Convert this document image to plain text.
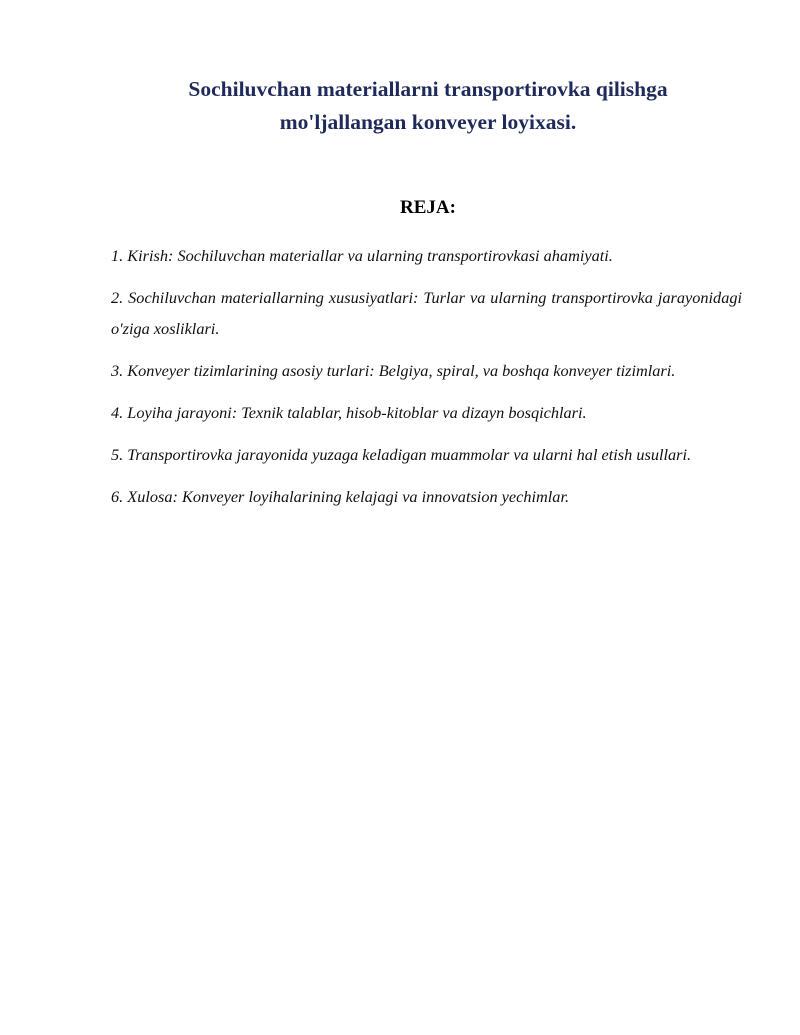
Sochiluvchan materiallarni transportirovka qilishga
mo'ljallangan konveyer loyixasi.
REJA:
1. Kirish: Sochiluvchan materiallar va ularning transportirovkasi ahamiyati.
2. Sochiluvchan materiallarning xususiyatlari: Turlar va ularning transportirovka jarayonidagi o'ziga xosliklari.
3. Konveyer tizimlarining asosiy turlari: Belgiya, spiral, va boshqa konveyer tizimlari.
4. Loyiha jarayoni: Texnik talablar, hisob-kitoblar va dizayn bosqichlari.
5. Transportirovka jarayonida yuzaga keladigan muammolar va ularni hal etish usullari.
6. Xulosa: Konveyer loyihalarining kelajagi va innovatsion yechimlar.
